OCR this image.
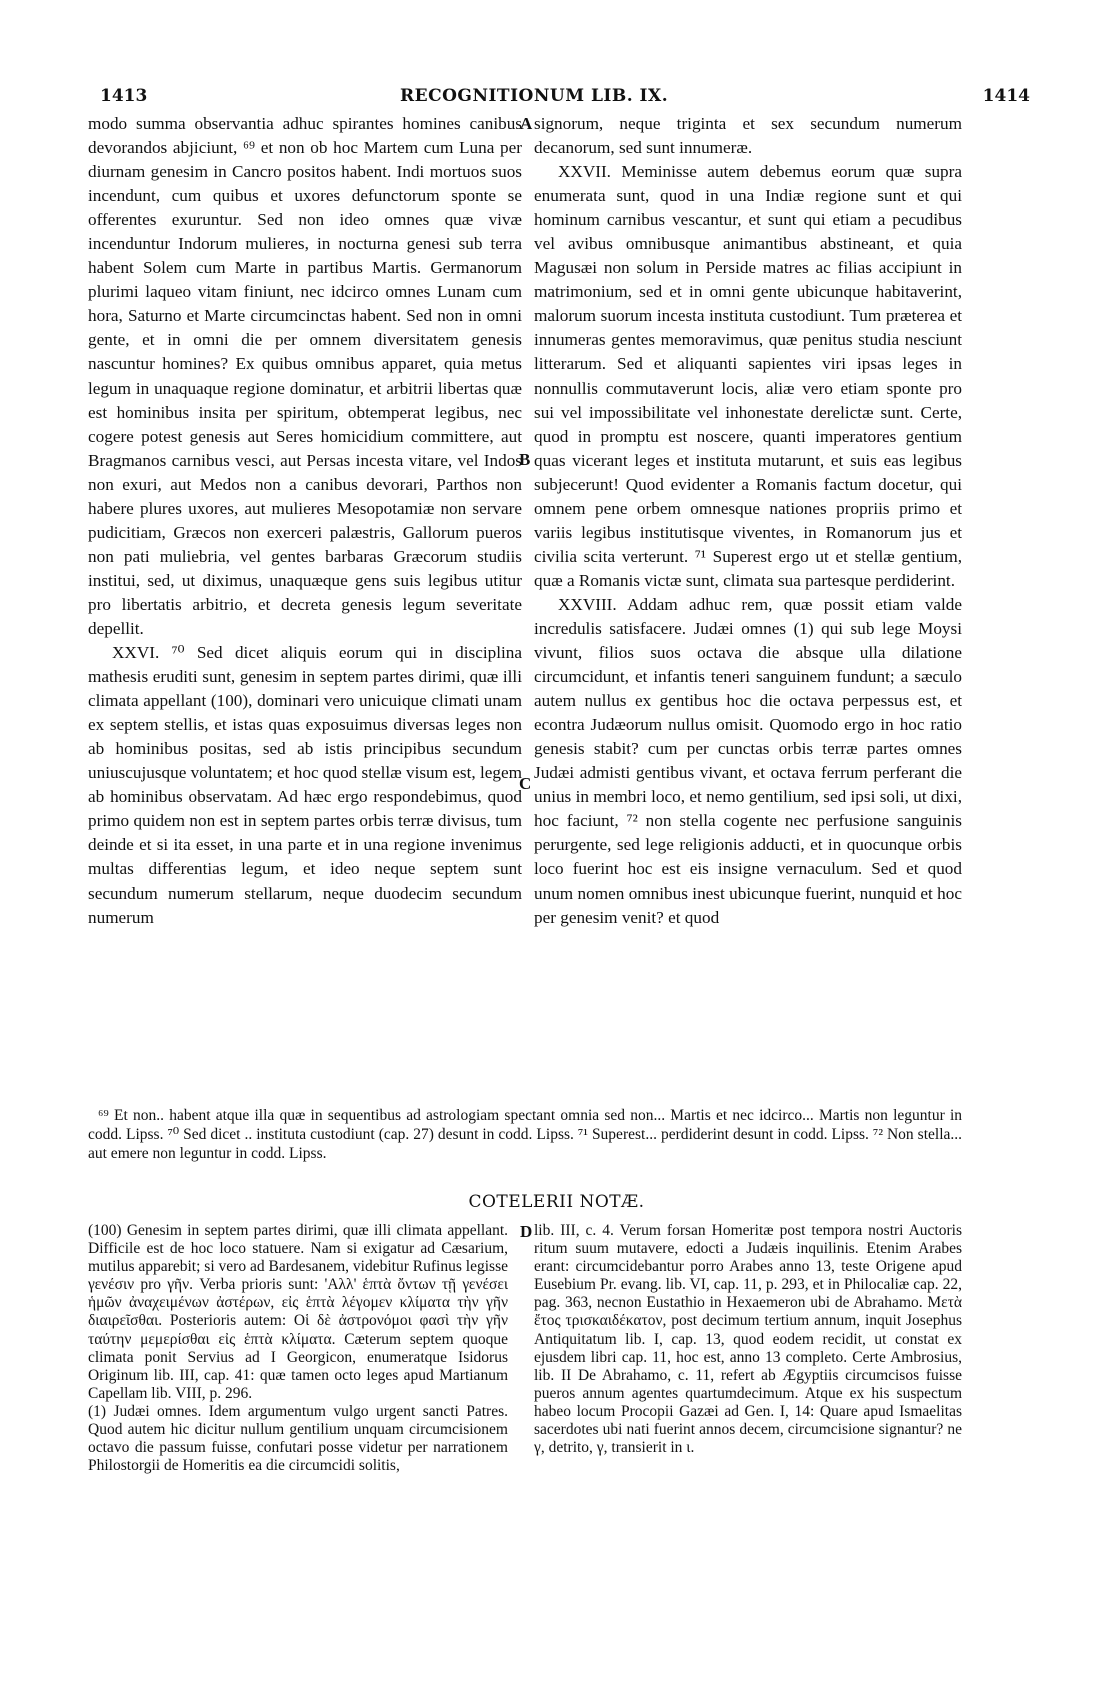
1413	RECOGNITIONUM LIB. IX.	1414

modo summa observantia adhuc spirantes homines canibus devorandos abjiciunt, ⁶⁹ et non ob hoc Martem cum Luna per diurnam genesim in Cancro positos habent. Indi mortuos suos incendunt, cum quibus et uxores defunctorum sponte se offerentes exuruntur. Sed non ideo omnes quæ vivæ incenduntur Indorum mulieres, in nocturna genesi sub terra habent Solem cum Marte in partibus Martis. Germanorum plurimi laqueo vitam finiunt, nec idcirco omnes Lunam cum hora, Saturno et Marte circumcinctas habent. Sed non in omni gente, et in omni die per omnem diversitatem genesis nascuntur homines? Ex quibus omnibus apparet, quia metus legum in unaquaque regione dominatur, et arbitrii libertas quæ est hominibus insita per spiritum, obtemperat legibus, nec cogere potest genesis aut Seres homicidium committere, aut Bragmanos carnibus vesci, aut Persas incesta vitare, vel Indos non exuri, aut Medos non a canibus devorari, Parthos non habere plures uxores, aut mulieres Mesopotamiæ non servare pudicitiam, Græcos non exerceri palæstris, Gallorum pueros non pati muliebria, vel gentes barbaras Græcorum studiis institui, sed, ut diximus, unaquæque gens suis legibus utitur pro libertatis arbitrio, et decreta genesis legum severitate depellit.

XXVI. ⁷⁰ Sed dicet aliquis eorum qui in disciplina mathesis eruditi sunt, genesim in septem partes dirimi, quæ illi climata appellant (100), dominari vero unicuique climati unam ex septem stellis, et istas quas exposuimus diversas leges non ab hominibus positas, sed ab istis principibus secundum uniuscujusque voluntatem; et hoc quod stellæ visum est, legem ab hominibus observatam. Ad hæc ergo respondebimus, quod primo quidem non est in septem partes orbis terræ divisus, tum deinde et si ita esset, in una parte et in una regione invenimus multas differentias legum, et ideo neque septem sunt secundum numerum stellarum, neque duodecim secundum numerum

signorum, neque triginta et sex secundum numerum decanorum, sed sunt innumeræ.

XXVII. Meminisse autem debemus eorum quæ supra enumerata sunt, quod in una Indiæ regione sunt et qui hominum carnibus vescantur, et sunt qui etiam a pecudibus vel avibus omnibusque animantibus abstineant, et quia Magusæi non solum in Perside matres ac filias accipiunt in matrimonium, sed et in omni gente ubicunque habitaverint, malorum suorum incesta instituta custodiunt. Tum præterea et innumeras gentes memoravimus, quæ penitus studia nesciunt litterarum. Sed et aliquanti sapientes viri ipsas leges in nonnullis commutaverunt locis, aliæ vero etiam sponte pro sui vel impossibilitate vel inhonestate derelictæ sunt. Certe, quod in promptu est noscere, quanti imperatores gentium quas vicerant leges et instituta mutarunt, et suis eas legibus subjecerunt! Quod evidenter a Romanis factum docetur, qui omnem pene orbem omnesque nationes propriis primo et variis legibus institutisque viventes, in Romanorum jus et civilia scita verterunt. ⁷¹ Superest ergo ut et stellæ gentium, quæ a Romanis victæ sunt, climata sua partesque perdiderint.

XXVIII. Addam adhuc rem, quæ possit etiam valde incredulis satisfacere. Judæi omnes (1) qui sub lege Moysi vivunt, filios suos octava die absque ulla dilatione circumcidunt, et infantis teneri sanguinem fundunt; a sæculo autem nullus ex gentibus hoc die octava perpessus est, et econtra Judæorum nullus omisit. Quomodo ergo in hoc ratio genesis stabit? cum per cunctas orbis terræ partes omnes Judæi admisti gentibus vivant, et octava ferrum perferant die unius in membri loco, et nemo gentilium, sed ipsi soli, ut dixi, hoc faciunt, ⁷² non stella cogente nec perfusione sanguinis perurgente, sed lege religionis adducti, et in quocunque orbis loco fuerint hoc est eis insigne vernaculum. Sed et quod unum nomen omnibus inest ubicunque fuerint, nunquid et hoc per genesim venit? et quod

A
B
C
D

⁶⁹ Et non.. habent atque illa quæ in sequentibus ad astrologiam spectant omnia sed non... Martis et nec idcirco... Martis non leguntur in codd. Lipss. ⁷⁰ Sed dicet .. instituta custodiunt (cap. 27) desunt in codd. Lipss. ⁷¹ Superest... perdiderint desunt in codd. Lipss. ⁷² Non stella... aut emere non leguntur in codd. Lipss.

COTELERII NOTÆ.

(100) Genesim in septem partes dirimi, quæ illi climata appellant. Difficile est de hoc loco statuere. Nam si exigatur ad Cæsarium, mutilus apparebit; si vero ad Bardesanem, videbitur Rufinus legisse γενέσιν pro γῆν. Verba prioris sunt: 'Αλλ' ἑπτὰ ὄντων τῇ γενέσει ἡμῶν ἀναχειμένων ἀστέρων, εἰς ἑπτὰ λέγομεν κλίματα τὴν γῆν διαιρεῖσθαι. Posterioris autem: Οἱ δὲ ἀστρονόμοι φασὶ τὴν γῆν ταύτην μεμερίσθαι εἰς ἑπτὰ κλίματα. Cæterum septem quoque climata ponit Servius ad I Georgicon, enumeratque Isidorus Originum lib. III, cap. 41: quæ tamen octo leges apud Martianum Capellam lib. VIII, p. 296.

(1) Judæi omnes. Idem argumentum vulgo urgent sancti Patres. Quod autem hic dicitur nullum gentilium unquam circumcisionem octavo die passum fuisse, confutari posse videtur per narrationem Philostorgii de Homeritis ea die circumcidi solitis,

lib. III, c. 4. Verum forsan Homeritæ post tempora nostri Auctoris ritum suum mutavere, edocti a Judæis inquilinis. Etenim Arabes erant: circumcidebantur porro Arabes anno 13, teste Origene apud Eusebium Pr. evang. lib. VI, cap. 11, p. 293, et in Philocaliæ cap. 22, pag. 363, necnon Eustathio in Hexaemeron ubi de Abrahamo. Μετὰ ἔτος τρισκαιδέκατον, post decimum tertium annum, inquit Josephus Antiquitatum lib. I, cap. 13, quod eodem recidit, ut constat ex ejusdem libri cap. 11, hoc est, anno 13 completo. Certe Ambrosius, lib. II De Abrahamo, c. 11, refert ab Ægyptiis circumcisos fuisse pueros annum agentes quartumdecimum. Atque ex his suspectum habeo locum Procopii Gazæi ad Gen. I, 14: Quare apud Ismaelitas sacerdotes ubi nati fuerint annos decem, circumcisione signantur? ne γ, detrito, γ, transierit in ι.
